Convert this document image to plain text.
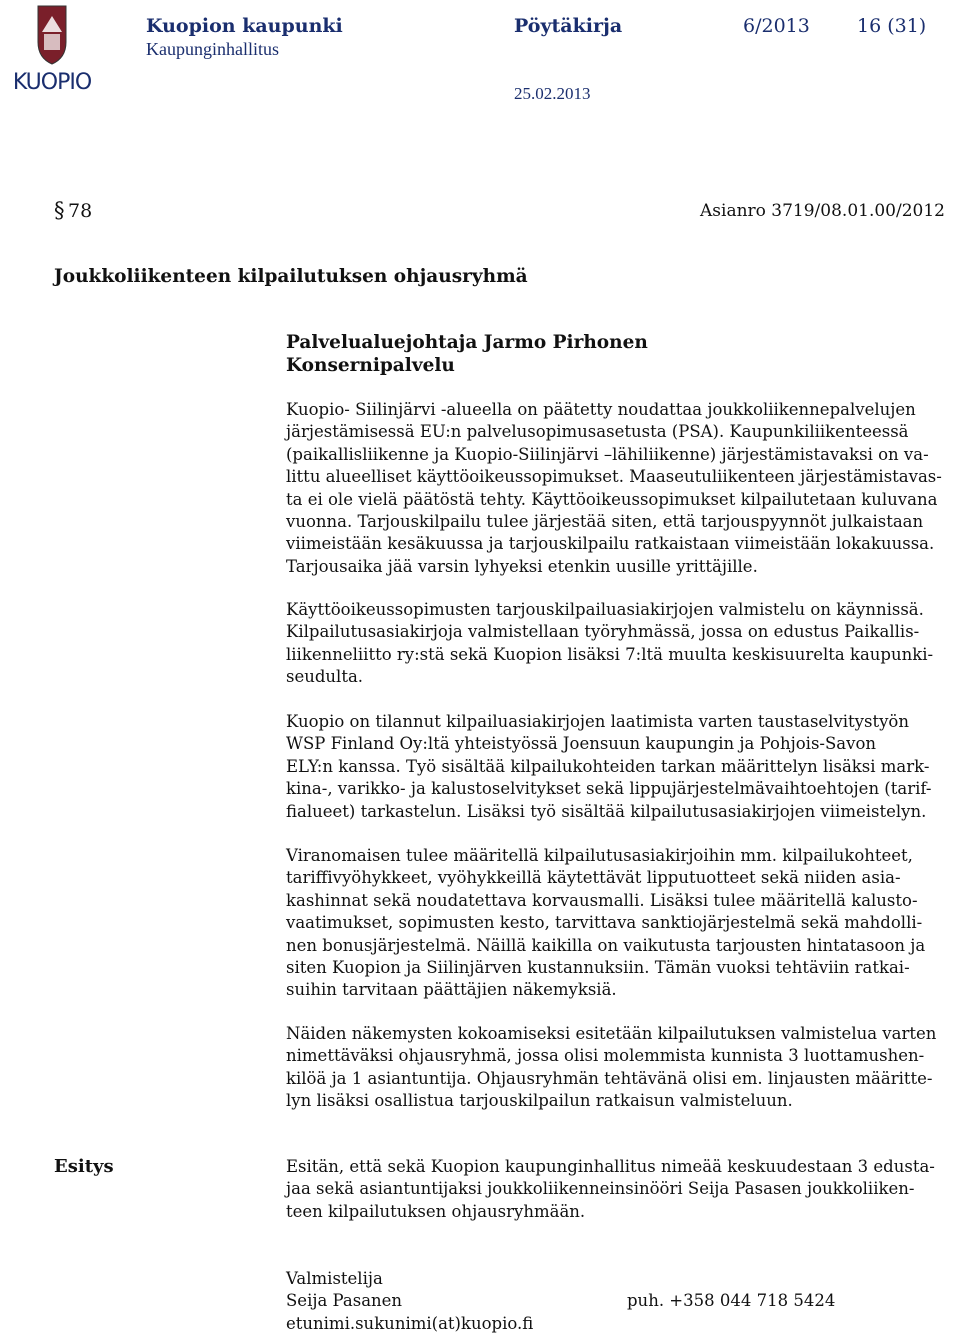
KUOPIO
Kuopion kaupunki
Kaupunginhallitus
Pöytäkirja	6/2013 16 (31)
25.02.2013
§ 78	Asianro 3719/08.01.00/2012
Joukkoliikenteen kilpailutuksen ohjausryhmä
Palvelualuejohtaja Jarmo Pirhonen
Konsernipalvelu
Kuopio- Siilinjärvi -alueella on päätetty noudattaa joukkoliikennepalvelujen
järjestämisessä EU:n palvelusopimusasetusta (PSA). Kaupunkiliikenteessä
(paikallisliikenne ja Kuopio-Siilinjärvi –lähiliikenne) järjestämistavaksi on va-
littu alueelliset käyttöoikeussopimukset. Maaseutuliikenteen järjestämistavas-
ta ei ole vielä päätöstä tehty. Käyttöoikeussopimukset kilpailutetaan kuluvana
vuonna. Tarjouskilpailu tulee järjestää siten, että tarjouspyynnöt julkaistaan
viimeistään kesäkuussa ja tarjouskilpailu ratkaistaan viimeistään lokakuussa.
Tarjousaika jää varsin lyhyeksi etenkin uusille yrittäjille.
Käyttöoikeussopimusten tarjouskilpailuasiakirjojen valmistelu on käynnissä.
Kilpailutusasiakirjoja valmistellaan työryhmässä, jossa on edustus Paikallis-
liikenneliitto ry:stä sekä Kuopion lisäksi 7:ltä muulta keskisuurelta kaupunki-
seudulta.
Kuopio on tilannut kilpailuasiakirjojen laatimista varten taustaselvitystyön
WSP Finland Oy:ltä yhteistyössä Joensuun kaupungin ja Pohjois-Savon
ELY:n kanssa. Työ sisältää kilpailukohteiden tarkan määrittelyn lisäksi mark-
kina-, varikko- ja kalustoselvitykset sekä lippujärjestelmävaihtoehtojen (tarif-
fialueet) tarkastelun. Lisäksi työ sisältää kilpailutusasiakirjojen viimeistelyn.
Viranomaisen tulee määritellä kilpailutusasiakirjoihin mm. kilpailukohteet,
tariffivyöhykkeet, vyöhykkeillä käytettävät lipputuotteet sekä niiden asia-
kashinnat sekä noudatettava korvausmalli. Lisäksi tulee määritellä kalusto-
vaatimukset, sopimusten kesto, tarvittava sanktiojärjestelmä sekä mahdolli-
nen bonusjärjestelmä. Näillä kaikilla on vaikutusta tarjousten hintatasoon ja
siten Kuopion ja Siilinjärven kustannuksiin. Tämän vuoksi tehtäviin ratkai-
suihin tarvitaan päättäjien näkemyksiä.
Näiden näkemysten kokoamiseksi esitetään kilpailutuksen valmistelua varten
nimettäväksi ohjausryhmä, jossa olisi molemmista kunnista 3 luottamushen-
kilöä ja 1 asiantuntija. Ohjausryhmän tehtävänä olisi em. linjausten määritte-
lyn lisäksi osallistua tarjouskilpailun ratkaisun valmisteluun.
Esitys	Esitän, että sekä Kuopion kaupunginhallitus nimeää keskuudestaan 3 edusta-
jaa sekä asiantuntijaksi joukkoliikenneinsinööri Seija Pasasen joukkoliiken-
teen kilpailutuksen ohjausryhmään.
Valmistelija
Seija Pasanen
etunimi.sukunimi(at)kuopio.fi
puh. +358 044 718 5424
